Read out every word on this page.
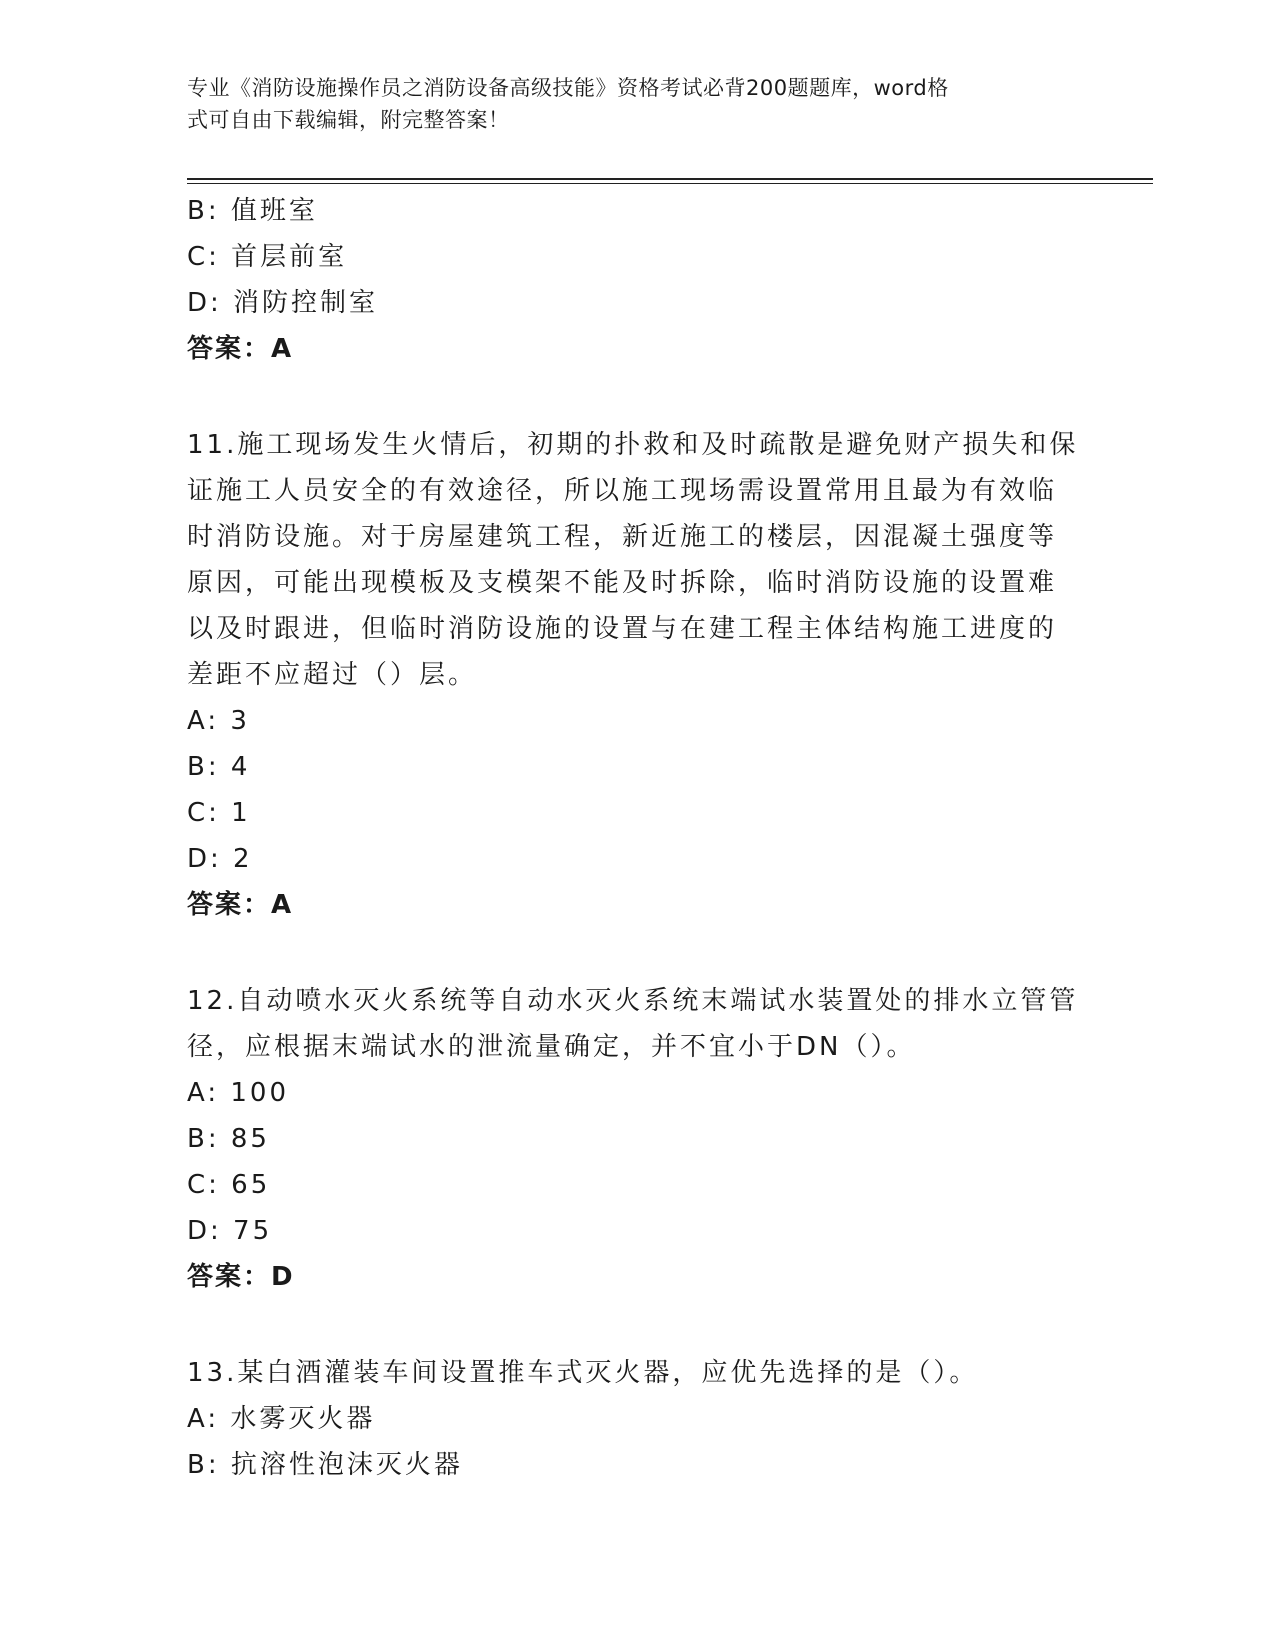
专业《消防设施操作员之消防设备高级技能》资格考试必背200题题库，word格
式可自由下载编辑，附完整答案！
B: 值班室
C: 首层前室
D: 消防控制室
答案：A
11.施工现场发生火情后，初期的扑救和及时疏散是避免财产损失和保
证施工人员安全的有效途径，所以施工现场需设置常用且最为有效临
时消防设施。对于房屋建筑工程，新近施工的楼层，因混凝土强度等
原因，可能出现模板及支模架不能及时拆除，临时消防设施的设置难
以及时跟进，但临时消防设施的设置与在建工程主体结构施工进度的
差距不应超过（）层。
A: 3
B: 4
C: 1
D: 2
答案：A
12.自动喷水灭火系统等自动水灭火系统末端试水装置处的排水立管管
径，应根据末端试水的泄流量确定，并不宜小于DN（）。
A: 100
B: 85
C: 65
D: 75
答案：D
13.某白酒灌装车间设置推车式灭火器，应优先选择的是（）。
A: 水雾灭火器
B: 抗溶性泡沫灭火器
